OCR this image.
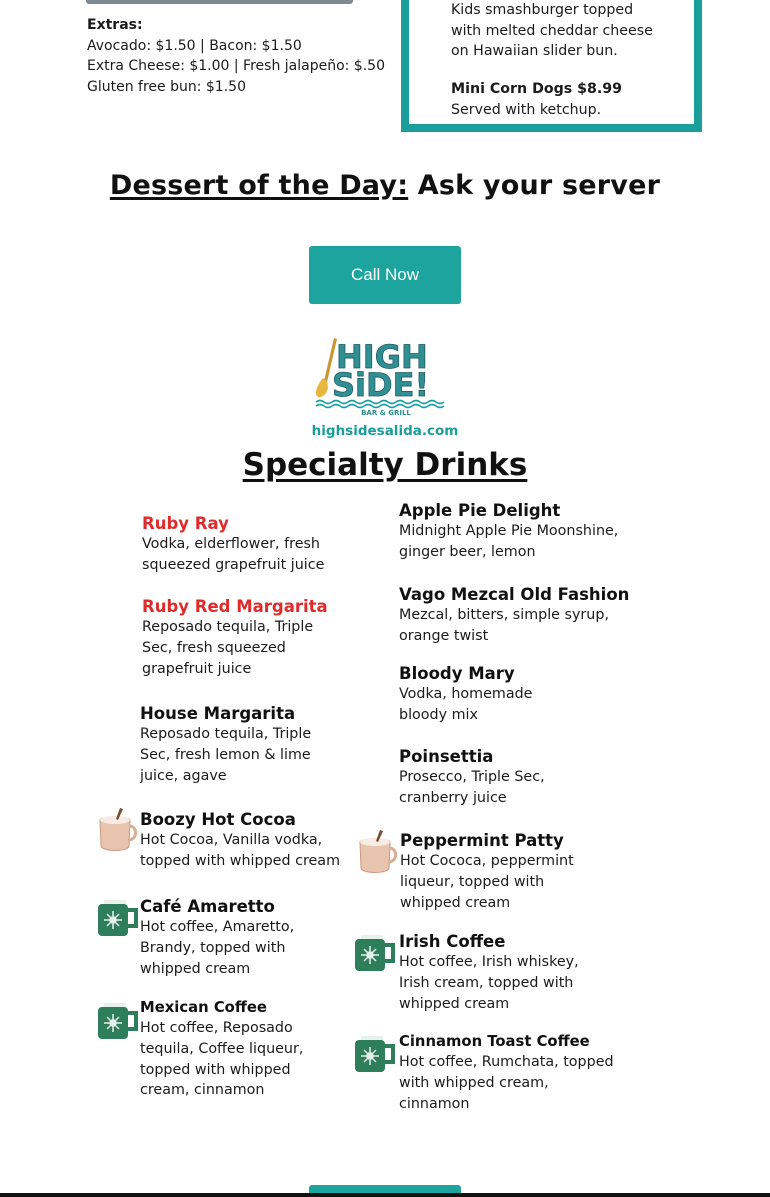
Extras:
Avocado: $1.50 | Bacon: $1.50
Extra Cheese: $1.00 | Fresh jalapeño: $.50
Gluten free bun: $1.50
Kids smashburger topped
with melted cheddar cheese
on Hawaiian slider bun.
Mini Corn Dogs $8.99
Served with ketchup.
Dessert of the Day: Ask your server
Call Now
HIGH
SiDE!
BAR & GRILL
highsidesalida.com
Specialty Drinks
Ruby Ray
Vodka, elderflower, fresh
squeezed grapefruit juice
Ruby Red Margarita
Reposado tequila, Triple
Sec, fresh squeezed
grapefruit juice
House Margarita
Reposado tequila, Triple
Sec, fresh lemon & lime
juice, agave
Boozy Hot Cocoa
Hot Cocoa, Vanilla vodka,
topped with whipped cream
Café Amaretto
Hot coffee, Amaretto,
Brandy, topped with
whipped cream
Mexican Coffee
Hot coffee, Reposado
tequila, Coffee liqueur,
topped with whipped
cream, cinnamon
Apple Pie Delight
Midnight Apple Pie Moonshine,
ginger beer, lemon
Vago Mezcal Old Fashion
Mezcal, bitters, simple syrup,
orange twist
Bloody Mary
Vodka, homemade
bloody mix
Poinsettia
Prosecco, Triple Sec,
cranberry juice
Peppermint Patty
Hot Cococa, peppermint
liqueur, topped with
whipped cream
Irish Coffee
Hot coffee, Irish whiskey,
Irish cream, topped with
whipped cream
Cinnamon Toast Coffee
Hot coffee, Rumchata, topped
with whipped cream,
cinnamon
